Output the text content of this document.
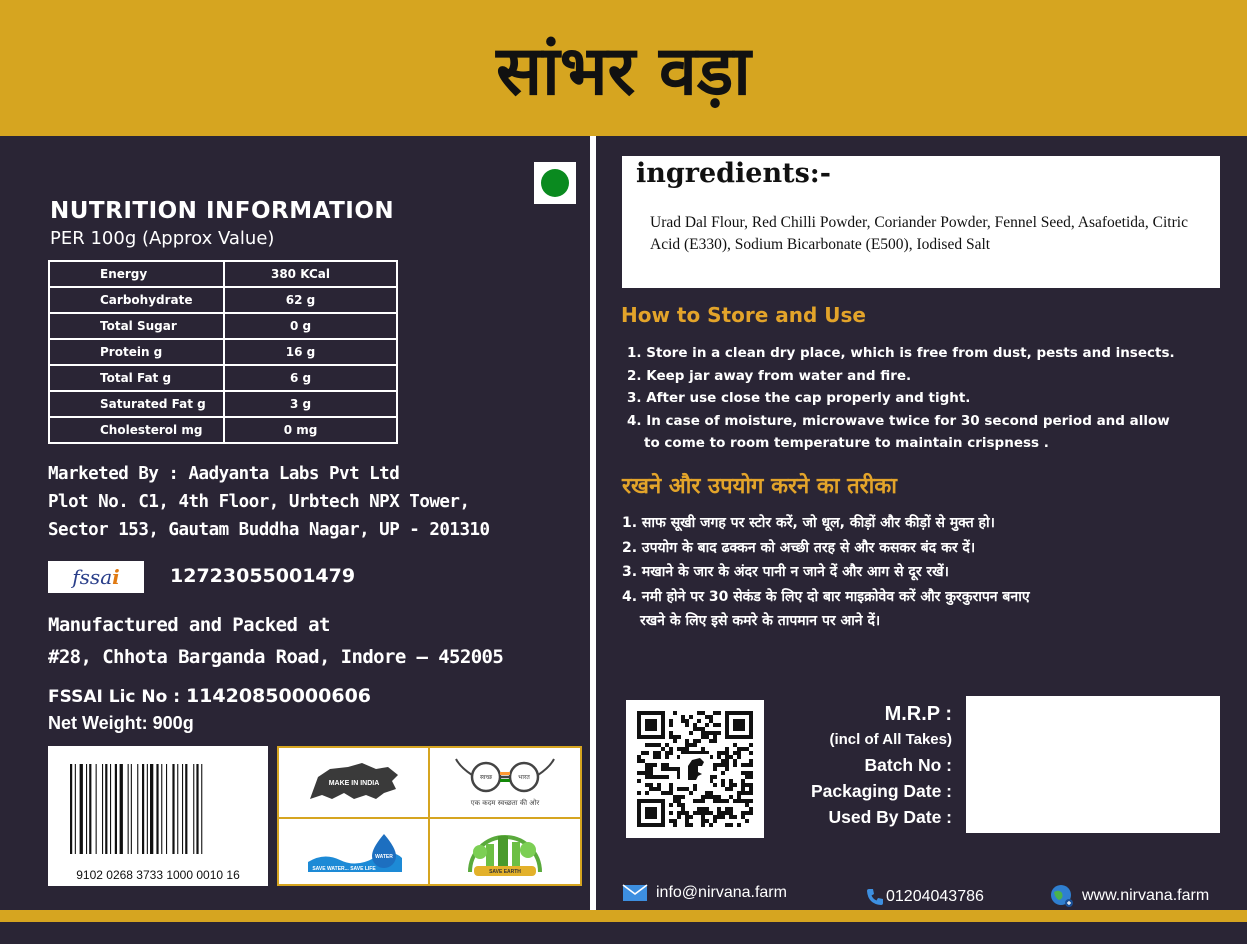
सांभर वड़ा
NUTRITION INFORMATION
PER 100g (Approx Value)
Energy	380 KCal
Carbohydrate	62 g
Total Sugar	0 g
Protein g	16 g
Total Fat g	6 g
Saturated Fat g	3 g
Cholesterol mg	0 mg
Marketed By : Aadyanta Labs Pvt Ltd
Plot No. C1, 4th Floor, Urbtech NPX Tower,
Sector 153, Gautam Buddha Nagar, UP - 201310
fssai	12723055001479
Manufactured and Packed at
#28, Chhota Barganda Road, Indore – 452005
FSSAI Lic No : 11420850000606
Net Weight: 900g
9102 0268 3733 1000 0010 16
MAKE IN INDIA
स्वच्छ	भारत
एक कदम स्वच्छता की ओर
WATER
SAVE WATER... SAVE LIFE	SAVE EARTH
ingredients:-
Urad Dal Flour, Red Chilli Powder, Coriander Powder, Fennel Seed, Asafoetida, Citric Acid (E330), Sodium Bicarbonate (E500), Iodised Salt
How to Store and Use
1. Store in a clean dry place, which is free from dust, pests and insects.
2. Keep jar away from water and fire.
3. After use close the cap properly and tight.
4. In case of moisture, microwave twice for 30 second period and allow
to come to room temperature to maintain crispness .
रखने और उपयोग करने का तरीका
1. साफ सूखी जगह पर स्टोर करें, जो धूल, कीड़ों और कीड़ों से मुक्त हो।
2. उपयोग के बाद ढक्कन को अच्छी तरह से और कसकर बंद कर दें।
3. मखाने के जार के अंदर पानी न जाने दें और आग से दूर रखें।
4. नमी होने पर 30 सेकंड के लिए दो बार माइक्रोवेव करें और कुरकुरापन बनाए
रखने के लिए इसे कमरे के तापमान पर आने दें।
M.R.P :
(incl of All Takes)
Batch No :
Packaging Date :
Used By Date :
info@nirvana.farm	01204043786	www.nirvana.farm
